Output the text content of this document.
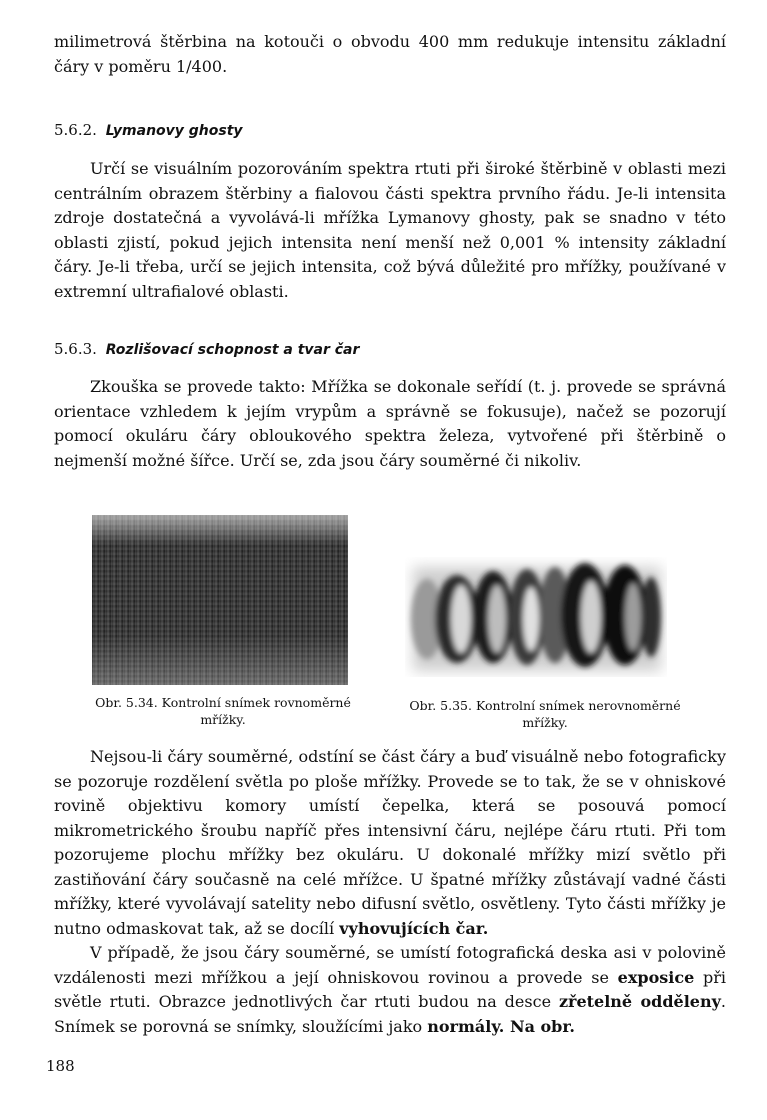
milimetrová štěrbina na kotouči o obvodu 400 mm redukuje intensitu základní čáry v poměru 1/400.

5.6.2. Lymanovy ghosty

Určí se visuálním pozorováním spektra rtuti při široké štěrbině v oblasti mezi centrálním obrazem štěrbiny a fialovou části spektra prvního řádu. Je-li intensita zdroje dostatečná a vyvolává-li mřížka Lymanovy ghosty, pak se snadno v této oblasti zjistí, pokud jejich intensita není menší než 0,001 % intensity základní čáry. Je-li třeba, určí se jejich intensita, což bývá důležité pro mřížky, používané v extremní ultrafialové oblasti.

5.6.3. Rozlišovací schopnost a tvar čar

Zkouška se provede takto: Mřížka se dokonale seřídí (t. j. provede se správná orientace vzhledem k jejím vrypům a správně se fokusuje), načež se pozorují pomocí okuláru čáry obloukového spektra železa, vytvořené při štěrbině o nejmenší možné šířce. Určí se, zda jsou čáry souměrné či nikoliv.

Obr. 5.34. Kontrolní snímek rovnoměrné mřížky.

Obr. 5.35. Kontrolní snímek nerovnoměrné mřížky.

Nejsou-li čáry souměrné, odstíní se část čáry a buď visuálně nebo fotograficky se pozoruje rozdělení světla po ploše mřížky. Provede se to tak, že se v ohniskové rovině objektivu komory umístí čepelka, která se posouvá pomocí mikrometrického šroubu napříč přes intensivní čáru, nejlépe čáru rtuti. Při tom pozorujeme plochu mřížky bez okuláru. U dokonalé mřížky mizí světlo při zastiňování čáry současně na celé mřížce. U špatné mřížky zůstávají vadné části mřížky, které vyvolávají satelity nebo difusní světlo, osvětleny. Tyto části mřížky je nutno odmaskovat tak, až se docílí vyhovujících čar.

V případě, že jsou čáry souměrné, se umístí fotografická deska asi v polovině vzdálenosti mezi mřížkou a její ohniskovou rovinou a provede se exposice při světle rtuti. Obrazce jednotlivých čar rtuti budou na desce zřetelně odděleny. Snímek se porovná se snímky, sloužícími jako normály. Na obr.

188
